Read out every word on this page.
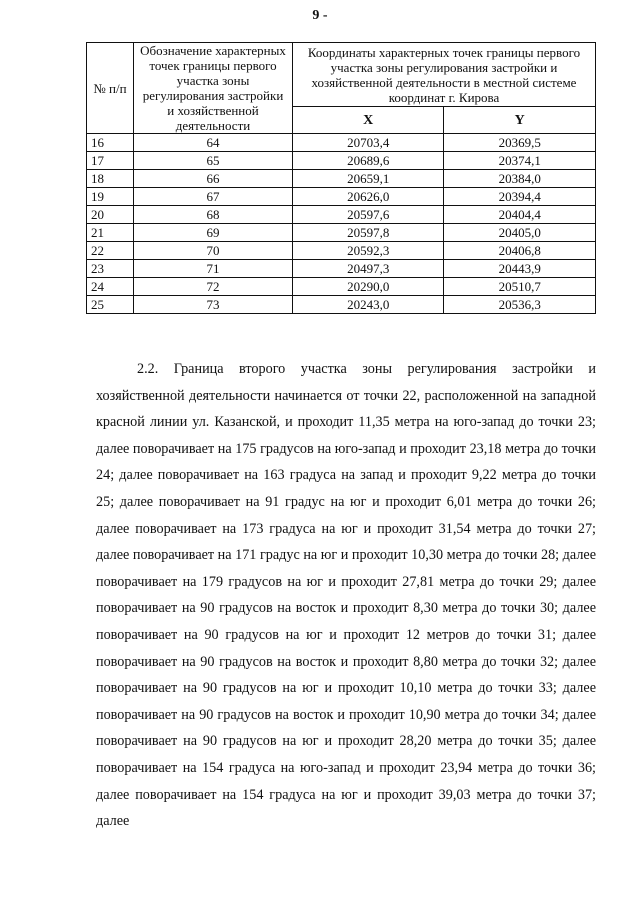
9 -
№ п/п	Обозначение характерных точек границы первого участка зоны регулирования застройки и хозяйственной деятельности	Координаты характерных точек границы первого участка зоны регулирования застройки и хозяйственной деятельности в местной системе координат г. Кирова	
		X	Y
16	64	20703,4	20369,5
17	65	20689,6	20374,1
18	66	20659,1	20384,0
19	67	20626,0	20394,4
20	68	20597,6	20404,4
21	69	20597,8	20405,0
22	70	20592,3	20406,8
23	71	20497,3	20443,9
24	72	20290,0	20510,7
25	73	20243,0	20536,3

2.2. Граница второго участка зоны регулирования застройки и хозяйственной деятельности начинается от точки 22, расположенной на западной красной линии ул. Казанской, и проходит 11,35 метра на юго-запад до точки 23; далее поворачивает на 175 градусов на юго-запад и проходит 23,18 метра до точки 24; далее поворачивает на 163 градуса на запад и проходит 9,22 метра до точки 25; далее поворачивает на 91 градус на юг и проходит 6,01 метра до точки 26; далее поворачивает на 173 градуса на юг и проходит 31,54 метра до точки 27; далее поворачивает на 171 градус на юг и проходит 10,30 метра до точки 28; далее поворачивает на 179 градусов на юг и проходит 27,81 метра до точки 29; далее поворачивает на 90 градусов на восток и проходит 8,30 метра до точки 30; далее поворачивает на 90 градусов на юг и проходит 12 метров до точки 31; далее поворачивает на 90 градусов на восток и проходит 8,80 метра до точки 32; далее поворачивает на 90 градусов на юг и проходит 10,10 метра до точки 33; далее поворачивает на 90 градусов на восток и проходит 10,90 метра до точки 34; далее поворачивает на 90 градусов на юг и проходит 28,20 метра до точки 35; далее поворачивает на 154 градуса на юго-запад и проходит 23,94 метра до точки 36; далее поворачивает на 154 градуса на юг и проходит 39,03 метра до точки 37; далее
